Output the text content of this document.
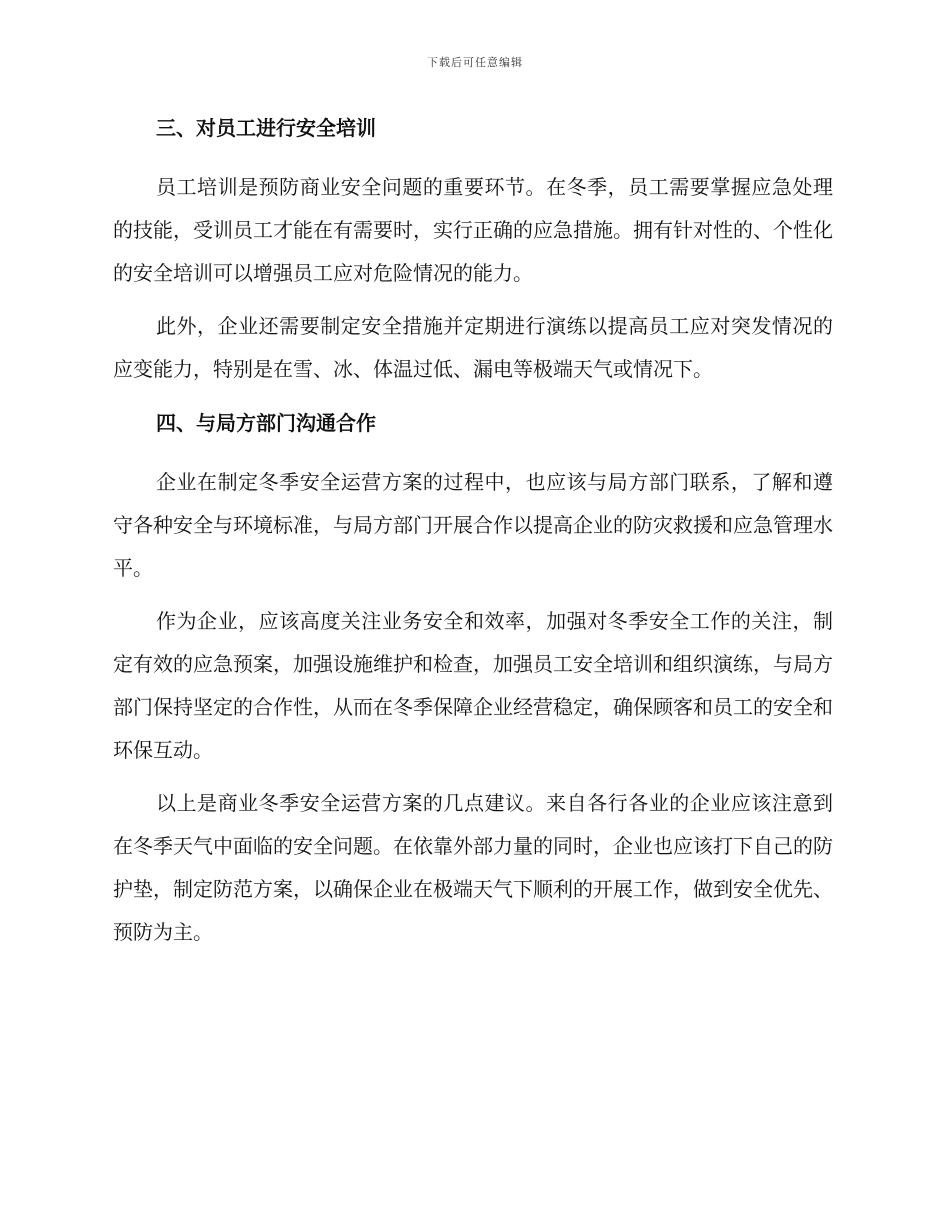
下载后可任意编辑
三、对员工进行安全培训

员工培训是预防商业安全问题的重要环节。在冬季，员工需要掌握应急处理的技能，受训员工才能在有需要时，实行正确的应急措施。拥有针对性的、个性化的安全培训可以增强员工应对危险情况的能力。

此外，企业还需要制定安全措施并定期进行演练以提高员工应对突发情况的应变能力，特别是在雪、冰、体温过低、漏电等极端天气或情况下。

四、与局方部门沟通合作

企业在制定冬季安全运营方案的过程中，也应该与局方部门联系，了解和遵守各种安全与环境标准，与局方部门开展合作以提高企业的防灾救援和应急管理水平。

作为企业，应该高度关注业务安全和效率，加强对冬季安全工作的关注，制定有效的应急预案，加强设施维护和检查，加强员工安全培训和组织演练，与局方部门保持坚定的合作性，从而在冬季保障企业经营稳定，确保顾客和员工的安全和环保互动。

以上是商业冬季安全运营方案的几点建议。来自各行各业的企业应该注意到在冬季天气中面临的安全问题。在依靠外部力量的同时，企业也应该打下自己的防护垫，制定防范方案，以确保企业在极端天气下顺利的开展工作，做到安全优先、预防为主。
